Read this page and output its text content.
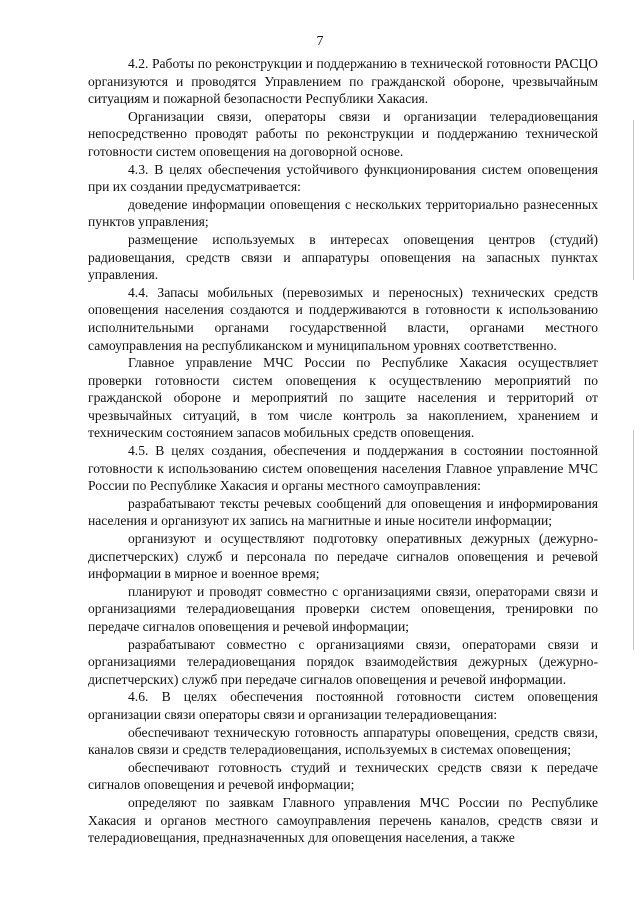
7

4.2. Работы по реконструкции и поддержанию в технической готовности РАСЦО организуются и проводятся Управлением по гражданской обороне, чрезвычайным ситуациям и пожарной безопасности Республики Хакасия.

Организации связи, операторы связи и организации телерадиовещания непосредственно проводят работы по реконструкции и поддержанию технической готовности систем оповещения на договорной основе.

4.3. В целях обеспечения устойчивого функционирования систем оповещения при их создании предусматривается:

доведение информации оповещения с нескольких территориально разнесенных пунктов управления;

размещение используемых в интересах оповещения центров (студий) радиовещания, средств связи и аппаратуры оповещения на запасных пунктах управления.

4.4. Запасы мобильных (перевозимых и переносных) технических средств оповещения населения создаются и поддерживаются в готовности к использованию исполнительными органами государственной власти, органами местного самоуправления на республиканском и муниципальном уровнях соответственно.

Главное управление МЧС России по Республике Хакасия осуществляет проверки готовности систем оповещения к осуществлению мероприятий по гражданской обороне и мероприятий по защите населения и территорий от чрезвычайных ситуаций, в том числе контроль за накоплением, хранением и техническим состоянием запасов мобильных средств оповещения.

4.5. В целях создания, обеспечения и поддержания в состоянии постоянной готовности к использованию систем оповещения населения Главное управление МЧС России по Республике Хакасия и органы местного самоуправления:

разрабатывают тексты речевых сообщений для оповещения и информирования населения и организуют их запись на магнитные и иные носители информации;

организуют и осуществляют подготовку оперативных дежурных (дежурно-диспетчерских) служб и персонала по передаче сигналов оповещения и речевой информации в мирное и военное время;

планируют и проводят совместно с организациями связи, операторами связи и организациями телерадиовещания проверки систем оповещения, тренировки по передаче сигналов оповещения и речевой информации;

разрабатывают совместно с организациями связи, операторами связи и организациями телерадиовещания порядок взаимодействия дежурных (дежурно-диспетчерских) служб при передаче сигналов оповещения и речевой информации.

4.6. В целях обеспечения постоянной готовности систем оповещения организации связи операторы связи и организации телерадиовещания:

обеспечивают техническую готовность аппаратуры оповещения, средств связи, каналов связи и средств телерадиовещания, используемых в системах оповещения;

обеспечивают готовность студий и технических средств связи к передаче сигналов оповещения и речевой информации;

определяют по заявкам Главного управления МЧС России по Республике Хакасия и органов местного самоуправления перечень каналов, средств связи и телерадиовещания, предназначенных для оповещения населения, а также
